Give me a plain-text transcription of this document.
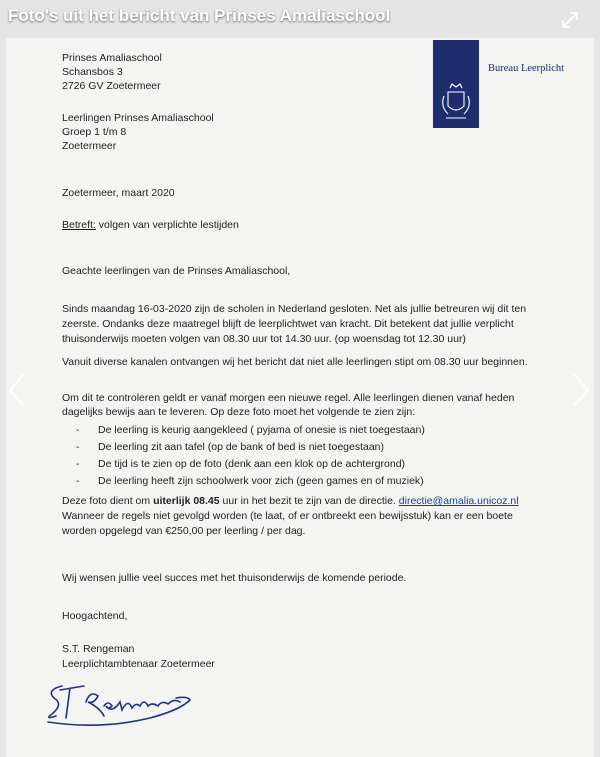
Foto's uit het bericht van Prinses Amaliaschool
Prinses Amaliaschool
Schansbos 3
2726 GV Zoetermeer
Bureau Leerplicht
Leerlingen Prinses Amaliaschool
Groep 1 t/m 8
Zoetermeer
Zoetermeer, maart 2020
Betreft: volgen van verplichte lestijden
Geachte leerlingen van de Prinses Amaliaschool,
Sinds maandag 16-03-2020 zijn de scholen in Nederland gesloten. Net als jullie betreuren wij dit ten
zeerste. Ondanks deze maatregel blijft de leerplichtwet van kracht. Dit betekent dat jullie verplicht
thuisonderwijs moeten volgen van 08.30 uur tot 14.30 uur. (op woensdag tot 12.30 uur)
Vanuit diverse kanalen ontvangen wij het bericht dat niet alle leerlingen stipt om 08.30 uur beginnen.
Om dit te controleren geldt er vanaf morgen een nieuwe regel. Alle leerlingen dienen vanaf heden
dagelijks bewijs aan te leveren. Op deze foto moet het volgende te zien zijn:
- De leerling is keurig aangekleed ( pyjama of onesie is niet toegestaan)
- De leerling zit aan tafel (op de bank of bed is niet toegestaan)
- De tijd is te zien op de foto (denk aan een klok op de achtergrond)
- De leerling heeft zijn schoolwerk voor zich (geen games en of muziek)
Deze foto dient om uiterlijk 08.45 uur in het bezit te zijn van de directie. directie@amalia.unicoz.nl
Wanneer de regels niet gevolgd worden (te laat, of er ontbreekt een bewijsstuk) kan er een boete
worden opgelegd van €250,00 per leerling / per dag.
Wij wensen jullie veel succes met het thuisonderwijs de komende periode.
Hoogachtend,
S.T. Rengeman
Leerplichtambtenaar Zoetermeer
